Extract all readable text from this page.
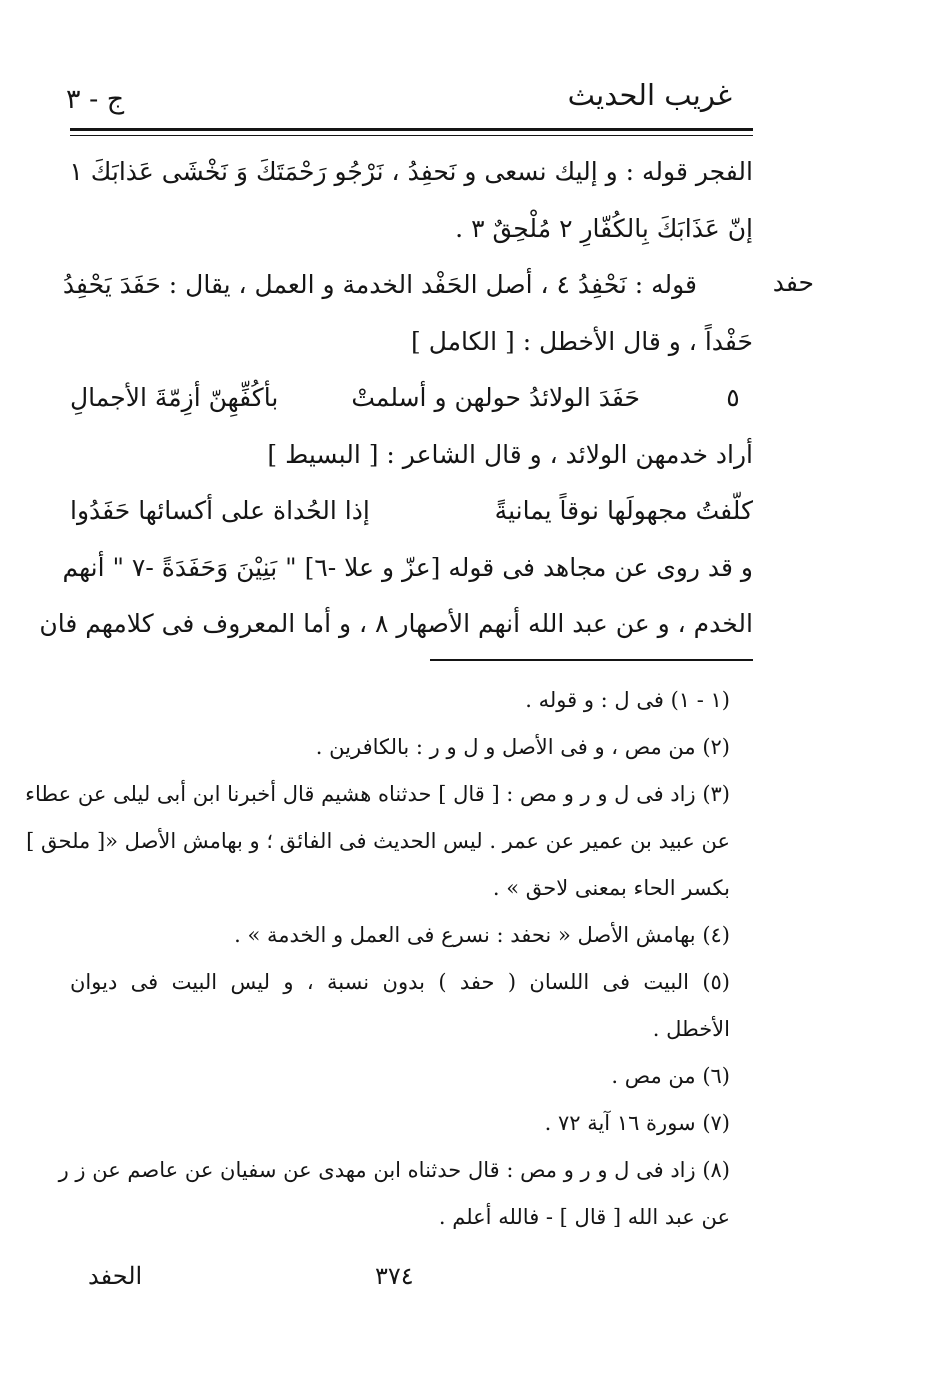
غريب الحديث
ج - ٣
حفد
الفجر قوله : و إليك نسعى و نَحفِدُ ، نَرْجُو رَحْمَتَكَ وَ نَخْشَى عَذابَكَ ١
إنّ عَذَابَكَ بِالكُفّارِ ٢ مُلْحِقٌ ٣ .
قوله : نَحْفِدُ ٤ ، أصل الحَفْد الخدمة و العمل ، يقال : حَفَدَ يَحْفِدُ
حَفْداً ، و قال الأخطل : [ الكامل ]
٥
حَفَدَ الولائدُ حولهن و أسلمتْ
بأكُفِّهِنّ أزِمّةَ الأجمالِ
أراد خدمهن الولائد ، و قال الشاعر : [ البسيط ]
كلّفتُ مجهولَها نوقاً يمانيةً
إذا الحُداة على أكسائها حَفَدُوا
و قد روى عن مجاهد فى قوله [عزّ و علا -٦] " بَنِيْنَ وَحَفَدَةً -٧ " أنهم
الخدم ، و عن عبد الله أنهم الأصهار ٨ ، و أما المعروف فى كلامهم فان
(١ - ١) فى ل : و قوله .
(٢) من مص ، و فى الأصل و ل و ر : بالكافرين .
(٣) زاد فى ل و ر و مص : [ قال ] حدثناه هشيم قال أخبرنا ابن أبى ليلى عن عطاء
عن عبيد بن عمير عن عمر . ليس الحديث فى الفائق ؛ و بهامش الأصل «[ ملحق ]
بكسر الحاء بمعنى لاحق » .
(٤) بهامش الأصل « نحفد : نسرع فى العمل و الخدمة » .
(٥) البيت فى اللسان ( حفد ) بدون نسبة ، و ليس البيت فى ديوان
الأخطل .
(٦) من مص .
(٧) سورة ١٦ آية ٧٢ .
(٨) زاد فى ل و ر و مص : قال حدثناه ابن مهدى عن سفيان عن عاصم عن ز ر
عن عبد الله [ قال ] - فالله أعلم .
٣٧٤
الحفد
